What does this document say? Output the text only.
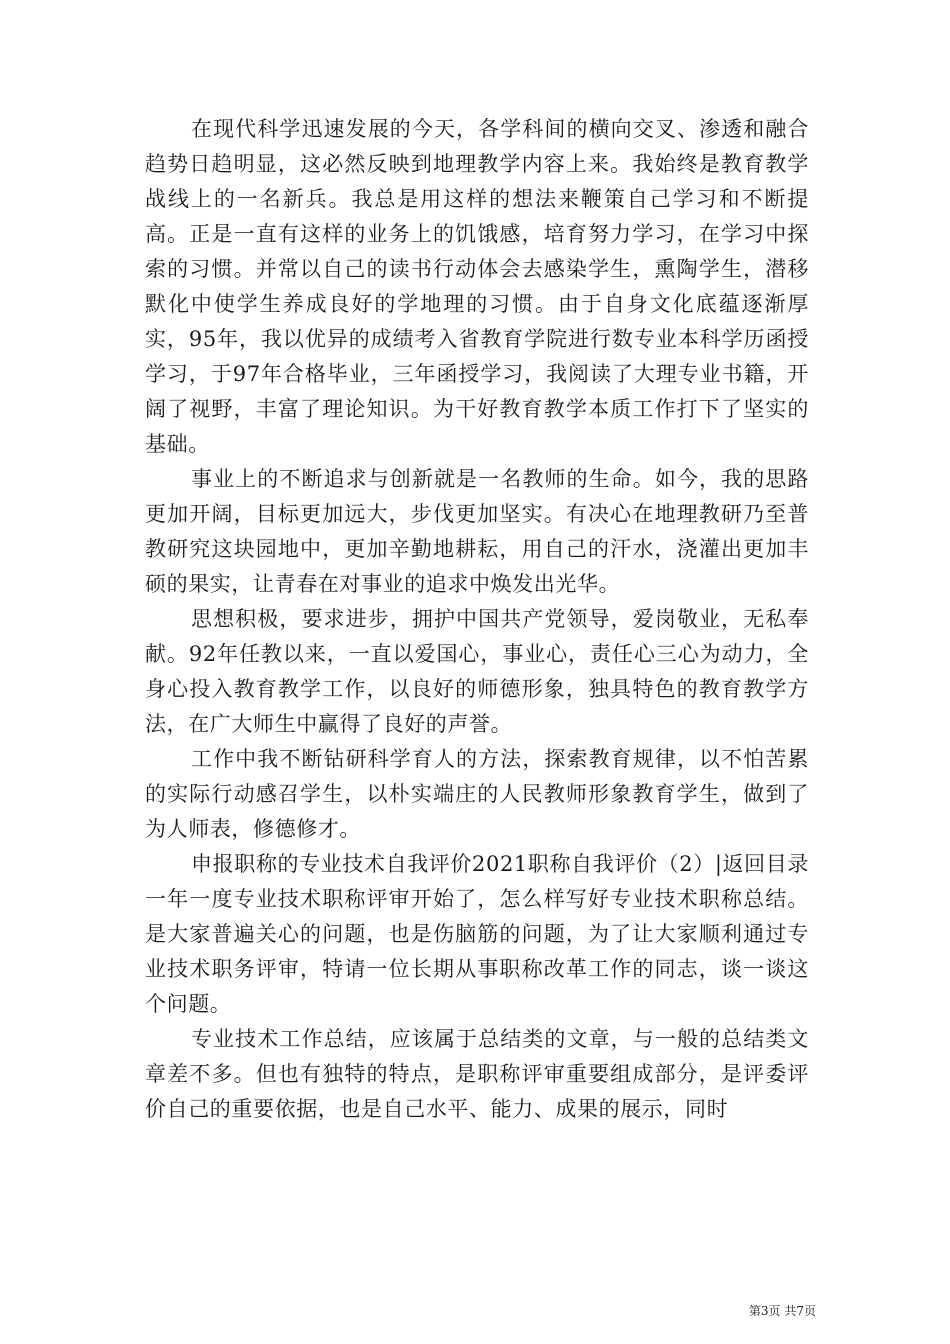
在现代科学迅速发展的今天，各学科间的横向交叉、渗透和融合趋势日趋明显，这必然反映到地理教学内容上来。我始终是教育教学战线上的一名新兵。我总是用这样的想法来鞭策自己学习和不断提高。正是一直有这样的业务上的饥饿感，培育努力学习，在学习中探索的习惯。并常以自己的读书行动体会去感染学生，熏陶学生，潜移默化中使学生养成良好的学地理的习惯。由于自身文化底蕴逐渐厚实，95年，我以优异的成绩考入省教育学院进行数专业本科学历函授学习，于97年合格毕业，三年函授学习，我阅读了大理专业书籍，开阔了视野，丰富了理论知识。为干好教育教学本质工作打下了坚实的基础。

事业上的不断追求与创新就是一名教师的生命。如今，我的思路更加开阔，目标更加远大，步伐更加坚实。有决心在地理教研乃至普教研究这块园地中，更加辛勤地耕耘，用自己的汗水，浇灌出更加丰硕的果实，让青春在对事业的追求中焕发出光华。

思想积极，要求进步，拥护中国共产党领导，爱岗敬业，无私奉献。92年任教以来，一直以爱国心，事业心，责任心三心为动力，全身心投入教育教学工作，以良好的师德形象，独具特色的教育教学方法，在广大师生中赢得了良好的声誉。

工作中我不断钻研科学育人的方法，探索教育规律，以不怕苦累的实际行动感召学生，以朴实端庄的人民教师形象教育学生，做到了为人师表，修德修才。

申报职称的专业技术自我评价2021职称自我评价（2）|返回目录一年一度专业技术职称评审开始了，怎么样写好专业技术职称总结。是大家普遍关心的问题，也是伤脑筋的问题，为了让大家顺利通过专业技术职务评审，特请一位长期从事职称改革工作的同志，谈一谈这个问题。

专业技术工作总结，应该属于总结类的文章，与一般的总结类文章差不多。但也有独特的特点，是职称评审重要组成部分，是评委评价自己的重要依据，也是自己水平、能力、成果的展示，同时

第3页 共7页
